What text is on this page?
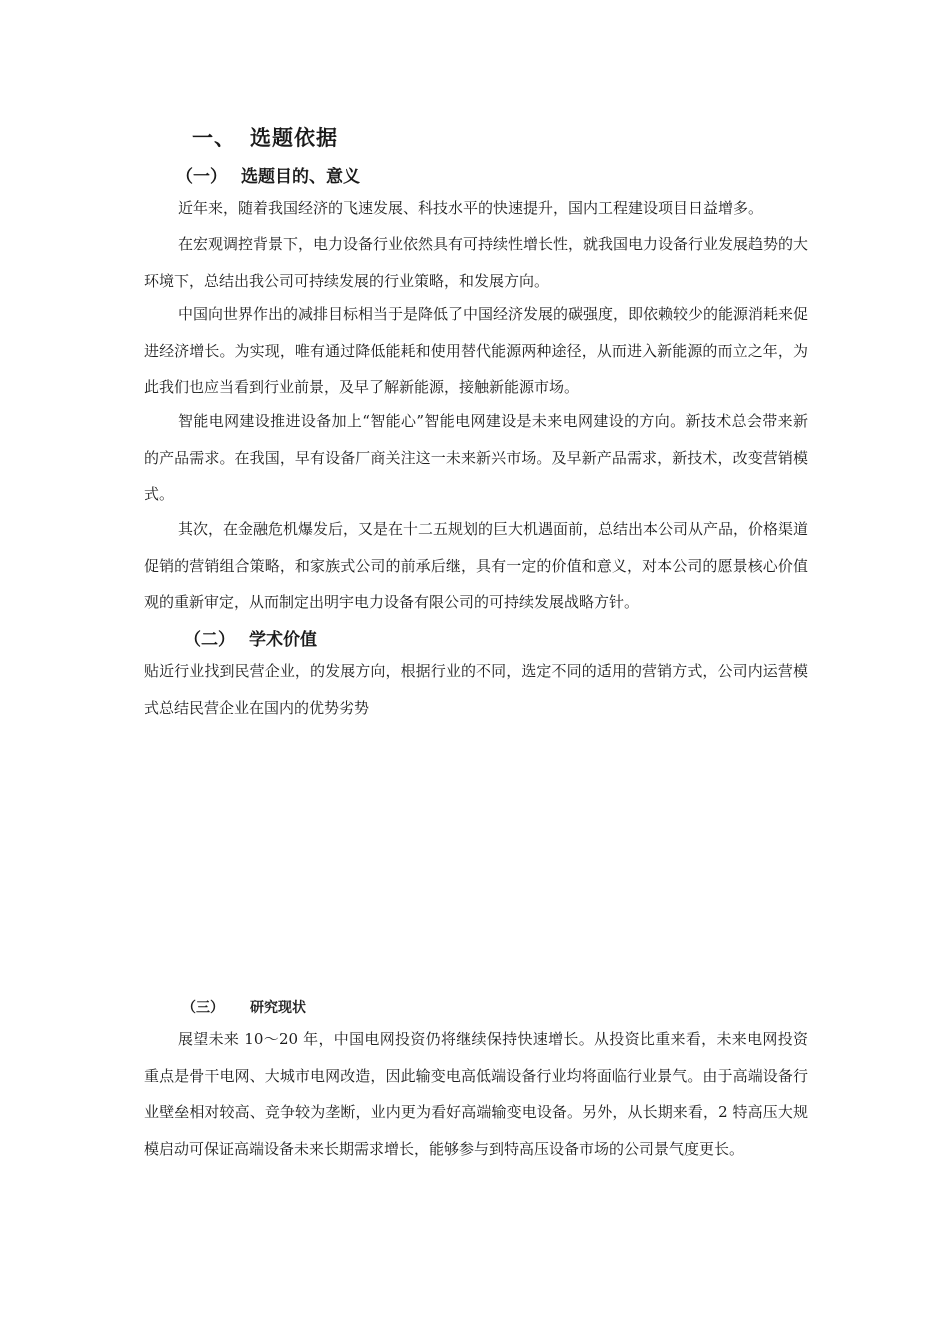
一、 选题依据
（一） 选题目的、意义

近年来，随着我国经济的飞速发展、科技水平的快速提升，国内工程建设项目日益增多。

在宏观调控背景下，电力设备行业依然具有可持续性增长性，就我国电力设备行业发展趋势的大环境下，总结出我公司可持续发展的行业策略，和发展方向。

中国向世界作出的减排目标相当于是降低了中国经济发展的碳强度，即依赖较少的能源消耗来促进经济增长。为实现，唯有通过降低能耗和使用替代能源两种途径，从而进入新能源的而立之年，为此我们也应当看到行业前景，及早了解新能源，接触新能源市场。

智能电网建设推进设备加上“智能心”智能电网建设是未来电网建设的方向。新技术总会带来新的产品需求。在我国，早有设备厂商关注这一未来新兴市场。及早新产品需求，新技术，改变营销模式。

其次，在金融危机爆发后，又是在十二五规划的巨大机遇面前，总结出本公司从产品，价格渠道促销的营销组合策略，和家族式公司的前承后继，具有一定的价值和意义，对本公司的愿景核心价值观的重新审定，从而制定出明宇电力设备有限公司的可持续发展战略方针。

（二） 学术价值

贴近行业找到民营企业，的发展方向，根据行业的不同，选定不同的适用的营销方式，公司内运营模式总结民营企业在国内的优势劣势

（三） 研究现状

展望未来 10～20 年，中国电网投资仍将继续保持快速增长。从投资比重来看，未来电网投资重点是骨干电网、大城市电网改造，因此输变电高低端设备行业均将面临行业景气。由于高端设备行业壁垒相对较高、竞争较为垄断，业内更为看好高端输变电设备。另外，从长期来看，2 特高压大规模启动可保证高端设备未来长期需求增长，能够参与到特高压设备市场的公司景气度更长。
